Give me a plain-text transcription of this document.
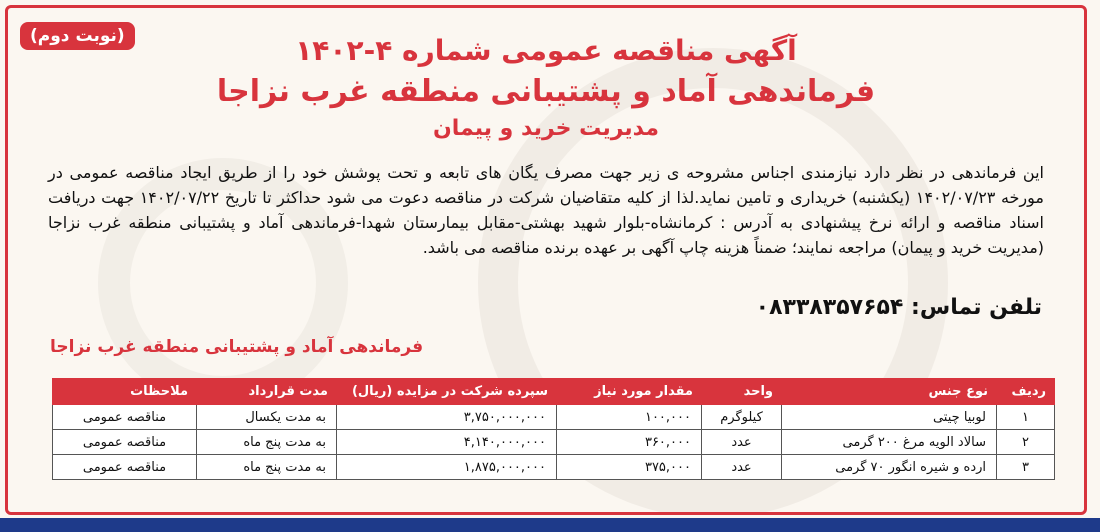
(نوبت دوم)	آگهی مناقصه عمومی شماره ۴-۱۴۰۲
فرماندهی آماد و پشتیبانی منطقه غرب نزاجا
مدیریت خرید و پیمان

این فرماندهی در نظر دارد نیازمندی اجناس مشروحه ی زیر جهت مصرف یگان های تابعه و تحت پوشش خود را از طریق ایجاد مناقصه عمومی در مورخه ۱۴۰۲/۰۷/۲۳ (یکشنبه) خریداری و تامین نماید.لذا از کلیه متقاضیان شرکت در مناقصه دعوت می شود حداکثر تا تاریخ ۱۴۰۲/۰۷/۲۲ جهت دریافت اسناد مناقصه و ارائه نرخ پیشنهادی به آدرس : کرمانشاه-بلوار شهید بهشتی-مقابل بیمارستان شهدا-فرماندهی آماد و پشتیبانی منطقه غرب نزاجا (مدیریت خرید و پیمان) مراجعه نمایند؛ ضمناً هزینه چاپ آگهی بر عهده برنده مناقصه می باشد.

تلفن تماس: ۰۸۳۳۸۳۵۷۶۵۴

فرماندهی آماد و پشتیبانی منطقه غرب نزاجا

ردیف	نوع جنس	واحد	مقدار مورد نیاز	سپرده شرکت در مزایده (ریال)	مدت قرارداد	ملاحظات
۱	لوبیا چیتی	کیلوگرم	۱۰۰,۰۰۰	۳,۷۵۰,۰۰۰,۰۰۰	به مدت یکسال	مناقصه عمومی
۲	سالاد الویه مرغ ۲۰۰ گرمی	عدد	۳۶۰,۰۰۰	۴,۱۴۰,۰۰۰,۰۰۰	به مدت پنج ماه	مناقصه عمومی
۳	ارده و شیره انگور ۷۰ گرمی	عدد	۳۷۵,۰۰۰	۱,۸۷۵,۰۰۰,۰۰۰	به مدت پنج ماه	مناقصه عمومی
